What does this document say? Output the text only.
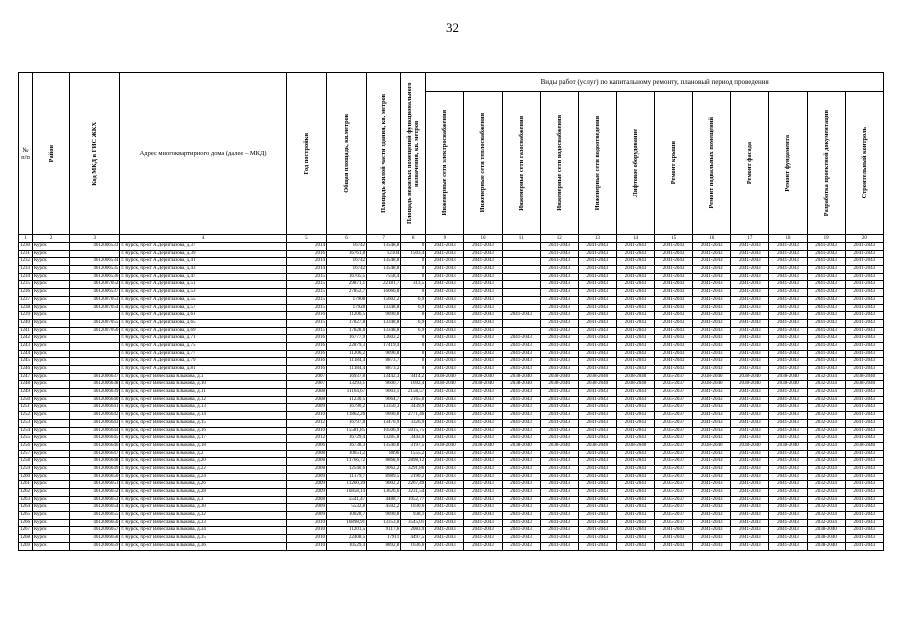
32
№ п/п	Район	Код МКД в ГИС ЖКХ	Адрес многоквартирного дома (далее – МКД)	Год постройки	Общая площадь, кв.метров	Площадь жилой части здания, кв. метров	Площадь нежилых помещений функционального назначения, кв. метров	Виды работ (услуг) по капитальному ремонту, плановый период проведения											

Инженерные сети электроснабжения	Инженерные сети теплоснабжения	Инженерные сети газоснабжения	Инженерные сети водоснабжения	Инженерные сети водоотведения	Лифтовое оборудование	Ремонт крыши	Ремонт подвальных помещений	Ремонт фасада	Ремонт фундамента	Разработка проектной документации	Строительный контроль

1	2	3	4	5	6	7	8	9	10	11	12	13	14	15	16	17	18	19	20
1230	Курск	4612006533	г. Курск, пр-кт А.Дериглазова, д.37	2014	16742	13548,8	0	2041-2043	2041-2043		2041-2043	2041-2043	2041-2043	2041-2043	2041-2043	2041-2043	2041-2043	2041-2043	2041-2043
1231	Курск		г. Курск, пр-кт А.Дериглазова, д.39	2016	16761,8	12104	1503,4	2041-2043	2041-2043		2041-2043	2041-2043	2041-2043	2041-2043	2041-2043	2041-2043	2041-2043	2041-2043	2041-2043
1232	Курск	4612006534	г. Курск, пр-кт А.Дериглазова, д.41	2014	16742	13548,8	0	2041-2043	2041-2043		2041-2043	2041-2043	2041-2043	2041-2043	2041-2043	2041-2043	2041-2043	2041-2043	2041-2043
1233	Курск	4612006535	г. Курск, пр-кт А.Дериглазова, д.43	2014	16742	13548,8	0	2041-2043	2041-2043		2041-2043	2041-2043	2041-2043	2041-2043	2041-2043	2041-2043	2041-2043	2041-2043	2041-2043
1234	Курск	4612006536	г. Курск, пр-кт А.Дериглазова, д.47	2015	16705,5	7558,4	0	2041-2043	2041-2043		2041-2043	2041-2043	2041-2043	2041-2043	2041-2043	2041-2043	2041-2043	2041-2043	2041-2043
1235	Курск	4612007052	г. Курск, пр-кт А.Дериглазова, д.51	2015	29871,1	22181,7	313,5	2041-2043	2041-2043		2041-2043	2041-2043	2041-2043	2041-2043	2041-2043	2041-2043	2041-2043	2041-2043	2041-2043
1236	Курск	4612006537	г. Курск, пр-кт А.Дериглазова, д.53	2015	27852,7	16066,8	0	2041-2043	2041-2043		2041-2043	2041-2043	2041-2043	2041-2043	2041-2043	2041-2043	2041-2043	2041-2043	2041-2043
1237	Курск	4612007053	г. Курск, пр-кт А.Дериглазова, д.55	2015	17908	15602,2	6,9	2041-2043	2041-2043		2041-2043	2041-2043	2041-2043	2041-2043	2041-2043	2041-2043	2041-2043	2041-2043	2041-2043
1238	Курск	4612007054	г. Курск, пр-кт А.Дериглазова, д.57	2015	17928	13348,8	6,9	2041-2043	2041-2043		2041-2043	2041-2043	2041-2043	2041-2043	2041-2043	2041-2043	2041-2043	2041-2043	2041-2043
1239	Курск		г. Курск, пр-кт А.Дериглазова, д.61	2016	11206,5	9090,8	0	2041-2043	2041-2043	2041-2043	2041-2043	2041-2043	2041-2043	2041-2043	2041-2043	2041-2043	2041-2043	2041-2043	2041-2043
1240	Курск	4612007055	г. Курск, пр-кт А.Дериглазова, д.65	2015	17827,8	13348,8	6,9	2041-2043	2041-2043		2041-2043	2041-2043	2041-2043	2041-2043	2041-2043	2041-2043	2041-2043	2041-2043	2041-2043
1241	Курск	4612007056	г. Курск, пр-кт А.Дериглазова, д.69	2015	17828,8	13348,8	6,9	2041-2043	2041-2043		2041-2043	2041-2043	2041-2043	2041-2043	2041-2043	2041-2043	2041-2043	2041-2043	2041-2043
1242	Курск		г. Курск, пр-кт А.Дериглазова, д.71	2016	16777,9	13602,2	0	2041-2043	2041-2043	2041-2043	2041-2043	2041-2043	2041-2043	2041-2043	2041-2043	2041-2043	2041-2043	2041-2043	2041-2043
1243	Курск		г. Курск, пр-кт А.Дериглазова, д.75	2016	22879,3	17419,4	0	2041-2043	2041-2043	2041-2043	2041-2043	2041-2043	2041-2043	2041-2043	2041-2043	2041-2043	2041-2043	2041-2043	2041-2043
1244	Курск		г. Курск, пр-кт А.Дериглазова, д.77	2016	11206,2	9090,8	0	2041-2043	2041-2043	2041-2043	2041-2043	2041-2043	2041-2043	2041-2043	2041-2043	2041-2043	2041-2043	2041-2043	2041-2043
1245	Курск		г. Курск, пр-кт А.Дериглазова, д.79	2016	11184,4	8873,7	0	2041-2043	2041-2043	2041-2043	2041-2043	2041-2043	2041-2043	2041-2043	2041-2043	2041-2043	2041-2043	2041-2043	2041-2043
1246	Курск		г. Курск, пр-кт А.Дериглазова, д.81	2016	11184,4	8873,2	0	2041-2043	2041-2043	2041-2043	2041-2043	2041-2043	2041-2043	2041-2043	2041-2043	2041-2043	2041-2043	2041-2043	2041-2043
1247	Курск	4612006637	г. Курск, пр-кт Вячеслава Клыкова, д.1	2007	16937,8	13442,3	3414,2	2038-2040	2038-2040	2038-2040	2038-2040	2038-2040	2038-2040	2035-2037	2038-2040	2038-2040	2038-2040	2032-2034	2038-2040
1248	Курск	4612006638	г. Курск, пр-кт Вячеслава Клыкова, д.10	2007	13293,1	9600,7	1692,4	2038-2040	2038-2040	2038-2040	2038-2040	2038-2040	2038-2040	2035-2037	2038-2040	2038-2040	2038-2040	2032-2034	2038-2040
1249	Курск	4612006639	г. Курск, пр-кт Вячеслава Клыкова, д.11	2008	11164,67	9003,1	2158,57	2041-2043	2041-2043	2041-2043	2041-2043	2041-2043	2041-2043	2035-2037	2041-2043	2041-2043	2041-2043	2032-2034	2041-2043
1250	Курск	4612006640	г. Курск, пр-кт Вячеслава Клыкова, д.12	2008	11230,5	9064,7	2165,8	2041-2043	2041-2043	2041-2043	2041-2043	2041-2043	2041-2043	2035-2037	2041-2043	2041-2043	2041-2043	2032-2034	2041-2043
1251	Курск	4612006641	г. Курск, пр-кт Вячеслава Клыкова, д.13	2009	16790,2	13350,3	3439,9	2041-2043	2041-2043	2041-2043	2041-2043	2041-2043	2041-2043	2035-2037	2041-2043	2041-2043	2041-2043	2032-2034	2041-2043
1252	Курск	4612006642	г. Курск, пр-кт Вячеслава Клыкова, д.14	2010	11862,26	9090,8	2771,46	2041-2043	2041-2043	2041-2043	2041-2043	2041-2043	2041-2043	2035-2037	2041-2043	2041-2043	2041-2043	2032-2034	2041-2043
1253	Курск	4612006643	г. Курск, пр-кт Вячеслава Клыкова, д.15	2012	16797,8	13470,9	3326,9	2041-2043	2041-2043	2041-2043	2041-2043	2041-2043	2041-2043	2035-2037	2041-2043	2041-2043	2041-2043	2032-2034	2041-2043
1254	Курск	4612006644	г. Курск, пр-кт Вячеслава Клыкова, д.16	2010	15581,85	10506,9	5015,75	2041-2043	2041-2043	2041-2043	2041-2043	2041-2043	2041-2043	2035-2037	2041-2043	2041-2043	2041-2043	2032-2034	2041-2043
1255	Курск	4612006645	г. Курск, пр-кт Вячеслава Клыкова, д.17	2012	16729,4	13285,8	3443,6	2041-2043	2041-2043	2041-2043	2041-2043	2041-2043	2041-2043	2035-2037	2041-2043	2041-2043	2041-2043	2032-2034	2041-2043
1256	Курск	4612006646	г. Курск, пр-кт Вячеслава Клыкова, д.18	2006	16738,3	13540,8	3197,5	2038-2040	2038-2040	2038-2040	2038-2040	2038-2040	2038-2040	2035-2037	2038-2040	2038-2040	2038-2040	2032-2034	2038-2040
1257	Курск	4612006647	г. Курск, пр-кт Вячеслава Клыкова, д.2	2008	10651,2	8096	1555,2	2041-2043	2041-2043	2041-2043	2041-2043	2041-2043	2041-2043	2035-2037	2041-2043	2041-2043	2041-2043	2032-2034	2041-2043
1258	Курск	4612006648	г. Курск, пр-кт Вячеслава Клыкова, д.20	2008	11766,72	8868,6	2898,12	2041-2043	2041-2043	2041-2043	2041-2043	2041-2043	2041-2043	2035-2037	2041-2043	2041-2043	2041-2043	2032-2034	2041-2043
1259	Курск	4612006649	г. Курск, пр-кт Вячеслава Клыкова, д.22	2008	12540,6	9062,2	3291,86	2041-2043	2041-2043	2041-2043	2041-2043	2041-2043	2041-2043	2035-2037	2041-2043	2041-2043	2041-2043	2032-2034	2041-2043
1260	Курск	4612006650	г. Курск, пр-кт Вячеслава Клыкова, д.24	2009	11179,7	8989,5	2190,2	2041-2043	2041-2043	2041-2043	2041-2043	2041-2043	2041-2043	2035-2037	2041-2043	2041-2043	2041-2043	2032-2034	2041-2043
1261	Курск	4612006651	г. Курск, пр-кт Вячеслава Клыкова, д.26	2009	11260,39	9002,2	2267,49	2041-2043	2041-2043	2041-2043	2041-2043	2041-2043	2041-2043	2035-2037	2041-2043	2041-2043	2041-2043	2032-2034	2041-2043
1262	Курск	4612006652	г. Курск, пр-кт Вячеслава Клыкова, д.28	2009	16858,14	13626,6	3231,54	2041-2043	2041-2043	2041-2043	2041-2043	2041-2043	2041-2043	2035-2037	2041-2043	2041-2043	2041-2043	2032-2034	2041-2043
1263	Курск	4612006653	г. Курск, пр-кт Вячеслава Клыкова, д.3	2008	5541,47	4488,7	1052,77	2041-2043	2041-2043	2041-2043	2041-2043	2041-2043	2041-2043	2035-2037	2041-2043	2041-2043	2041-2043	2032-2034	2041-2043
1264	Курск	4612006654	г. Курск, пр-кт Вячеслава Клыкова, д.30	2009	5532,8	4502,2	1030,6	2041-2043	2041-2043	2041-2043	2041-2043	2041-2043	2041-2043	2035-2037	2041-2043	2041-2043	2041-2043	2032-2034	2041-2043
1265	Курск	4612006655	г. Курск, пр-кт Вячеслава Клыкова, д.32	2009	10028,7	9090,8	938,1	2041-2043	2041-2043	2041-2043	2041-2043	2041-2043	2041-2043	2035-2037	2041-2043	2041-2043	2041-2043	2032-2034	2041-2043
1266	Курск	4612006656	г. Курск, пр-кт Вячеслава Клыкова, д.33	2010	16898,91	13353,8	3545,01	2041-2043	2041-2043	2041-2043	2041-2043	2041-2043	2041-2043	2035-2037	2041-2043	2041-2043	2041-2043	2032-2034	2041-2043
1267	Курск	4612006657	г. Курск, пр-кт Вячеслава Клыкова, д.34	2010	11201,5	9117,6	2083,9	2041-2043	2041-2043	2041-2043	2041-2043	2041-2043	2041-2043	2041-2043	2041-2043	2041-2043	2041-2043	2038-2040	2041-2043
1268	Курск	4612006658	г. Курск, пр-кт Вячеслава Клыкова, д.35	2010	22408,5	17911	4497,5	2041-2043	2041-2043	2041-2043	2041-2043	2041-2043	2041-2043	2041-2043	2041-2043	2041-2043	2041-2043	2038-2040	2041-2043
1269	Курск	4612006659	г. Курск, пр-кт Вячеслава Клыкова, д.36	2010	10529,4	8892,8	1636,6	2041-2043	2041-2043	2041-2043	2041-2043	2041-2043	2041-2043	2041-2043	2041-2043	2041-2043	2041-2043	2038-2040	2041-2043
